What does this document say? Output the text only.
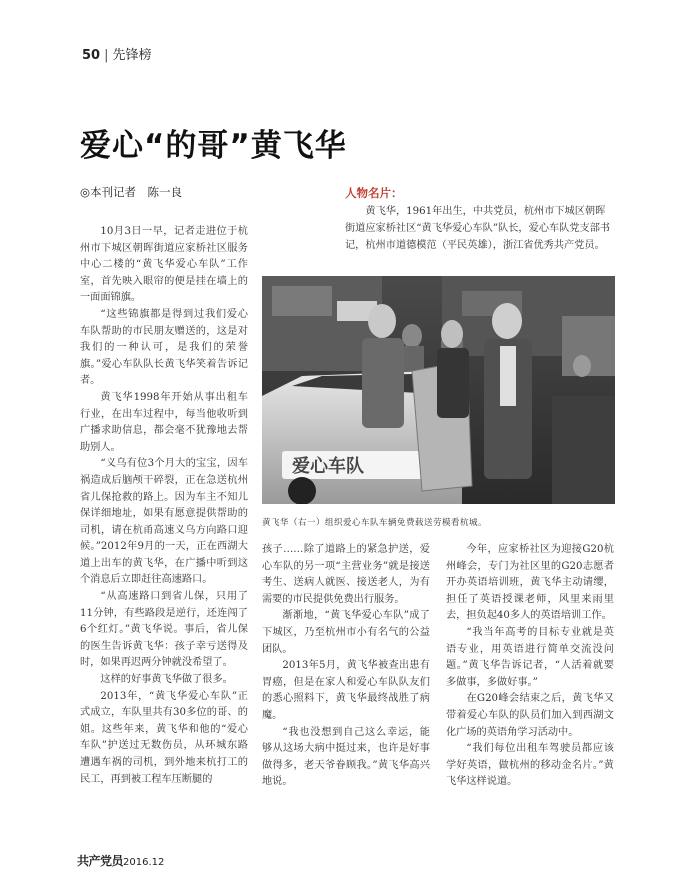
50 | 先锋榜
爱心“的哥”黄飞华
◎本刊记者　陈一良	人物名片：
黄飞华，1961年出生，中共党员，杭州市下城区朝晖街道应家桥社区“黄飞华爱心车队”队长，爱心车队党支部书记，杭州市道德模范（平民英雄），浙江省优秀共产党员。

10月3日一早，记者走进位于杭州市下城区朝晖街道应家桥社区服务中心二楼的“黄飞华爱心车队”工作室，首先映入眼帘的便是挂在墙上的一面面锦旗。

“这些锦旗都是得到过我们爱心车队帮助的市民朋友赠送的，这是对我们的一种认可，是我们的荣誉旗。”爱心车队队长黄飞华笑着告诉记者。

黄飞华1998年开始从事出租车行业，在出车过程中，每当他收听到广播求助信息，都会毫不犹豫地去帮助别人。

“义乌有位3个月大的宝宝，因车祸造成后脑颅干碎裂，正在急送杭州省儿保抢救的路上。因为车主不知儿保详细地址，如果有愿意提供帮助的司机，请在杭甬高速义乌方向路口迎候。”2012年9月的一天，正在西湖大道上出车的黄飞华，在广播中听到这个消息后立即赶往高速路口。

“从高速路口到省儿保，只用了11分钟，有些路段是逆行，还连闯了6个红灯。”黄飞华说。事后，省儿保的医生告诉黄飞华：孩子幸亏送得及时，如果再迟两分钟就没希望了。

这样的好事黄飞华做了很多。

2013年，“黄飞华爱心车队”正式成立，车队里共有30多位的哥、的姐。这些年来，黄飞华和他的“爱心车队”护送过无数伤员，从环城东路遭遇车祸的司机，到外地来杭打工的民工，再到被工程车压断腿的

爱心车队
黄飞华（右一）组织爱心车队车辆免费载送劳模看杭城。

孩子……除了道路上的紧急护送，爱心车队的另一项“主营业务”就是接送考生、送病人就医、接送老人，为有需要的市民提供免费出行服务。

渐渐地，“黄飞华爱心车队”成了下城区，乃至杭州市小有名气的公益团队。

2013年5月，黄飞华被查出患有胃癌，但是在家人和爱心车队队友们的悉心照料下，黄飞华最终战胜了病魔。

“我也没想到自己这么幸运，能够从这场大病中挺过来，也许是好事做得多，老天爷眷顾我。”黄飞华高兴地说。

今年，应家桥社区为迎接G20杭州峰会，专门为社区里的G20志愿者开办英语培训班，黄飞华主动请缨，担任了英语授课老师，风里来雨里去，担负起40多人的英语培训工作。

“我当年高考的目标专业就是英语专业，用英语进行简单交流没问题。”黄飞华告诉记者，“人活着就要多做事，多做好事。”

在G20峰会结束之后，黄飞华又带着爱心车队的队员们加入到西湖文化广场的英语角学习活动中。

“我们每位出租车驾驶员都应该学好英语，做杭州的移动金名片。”黄飞华这样说道。

共产党员2016.12
